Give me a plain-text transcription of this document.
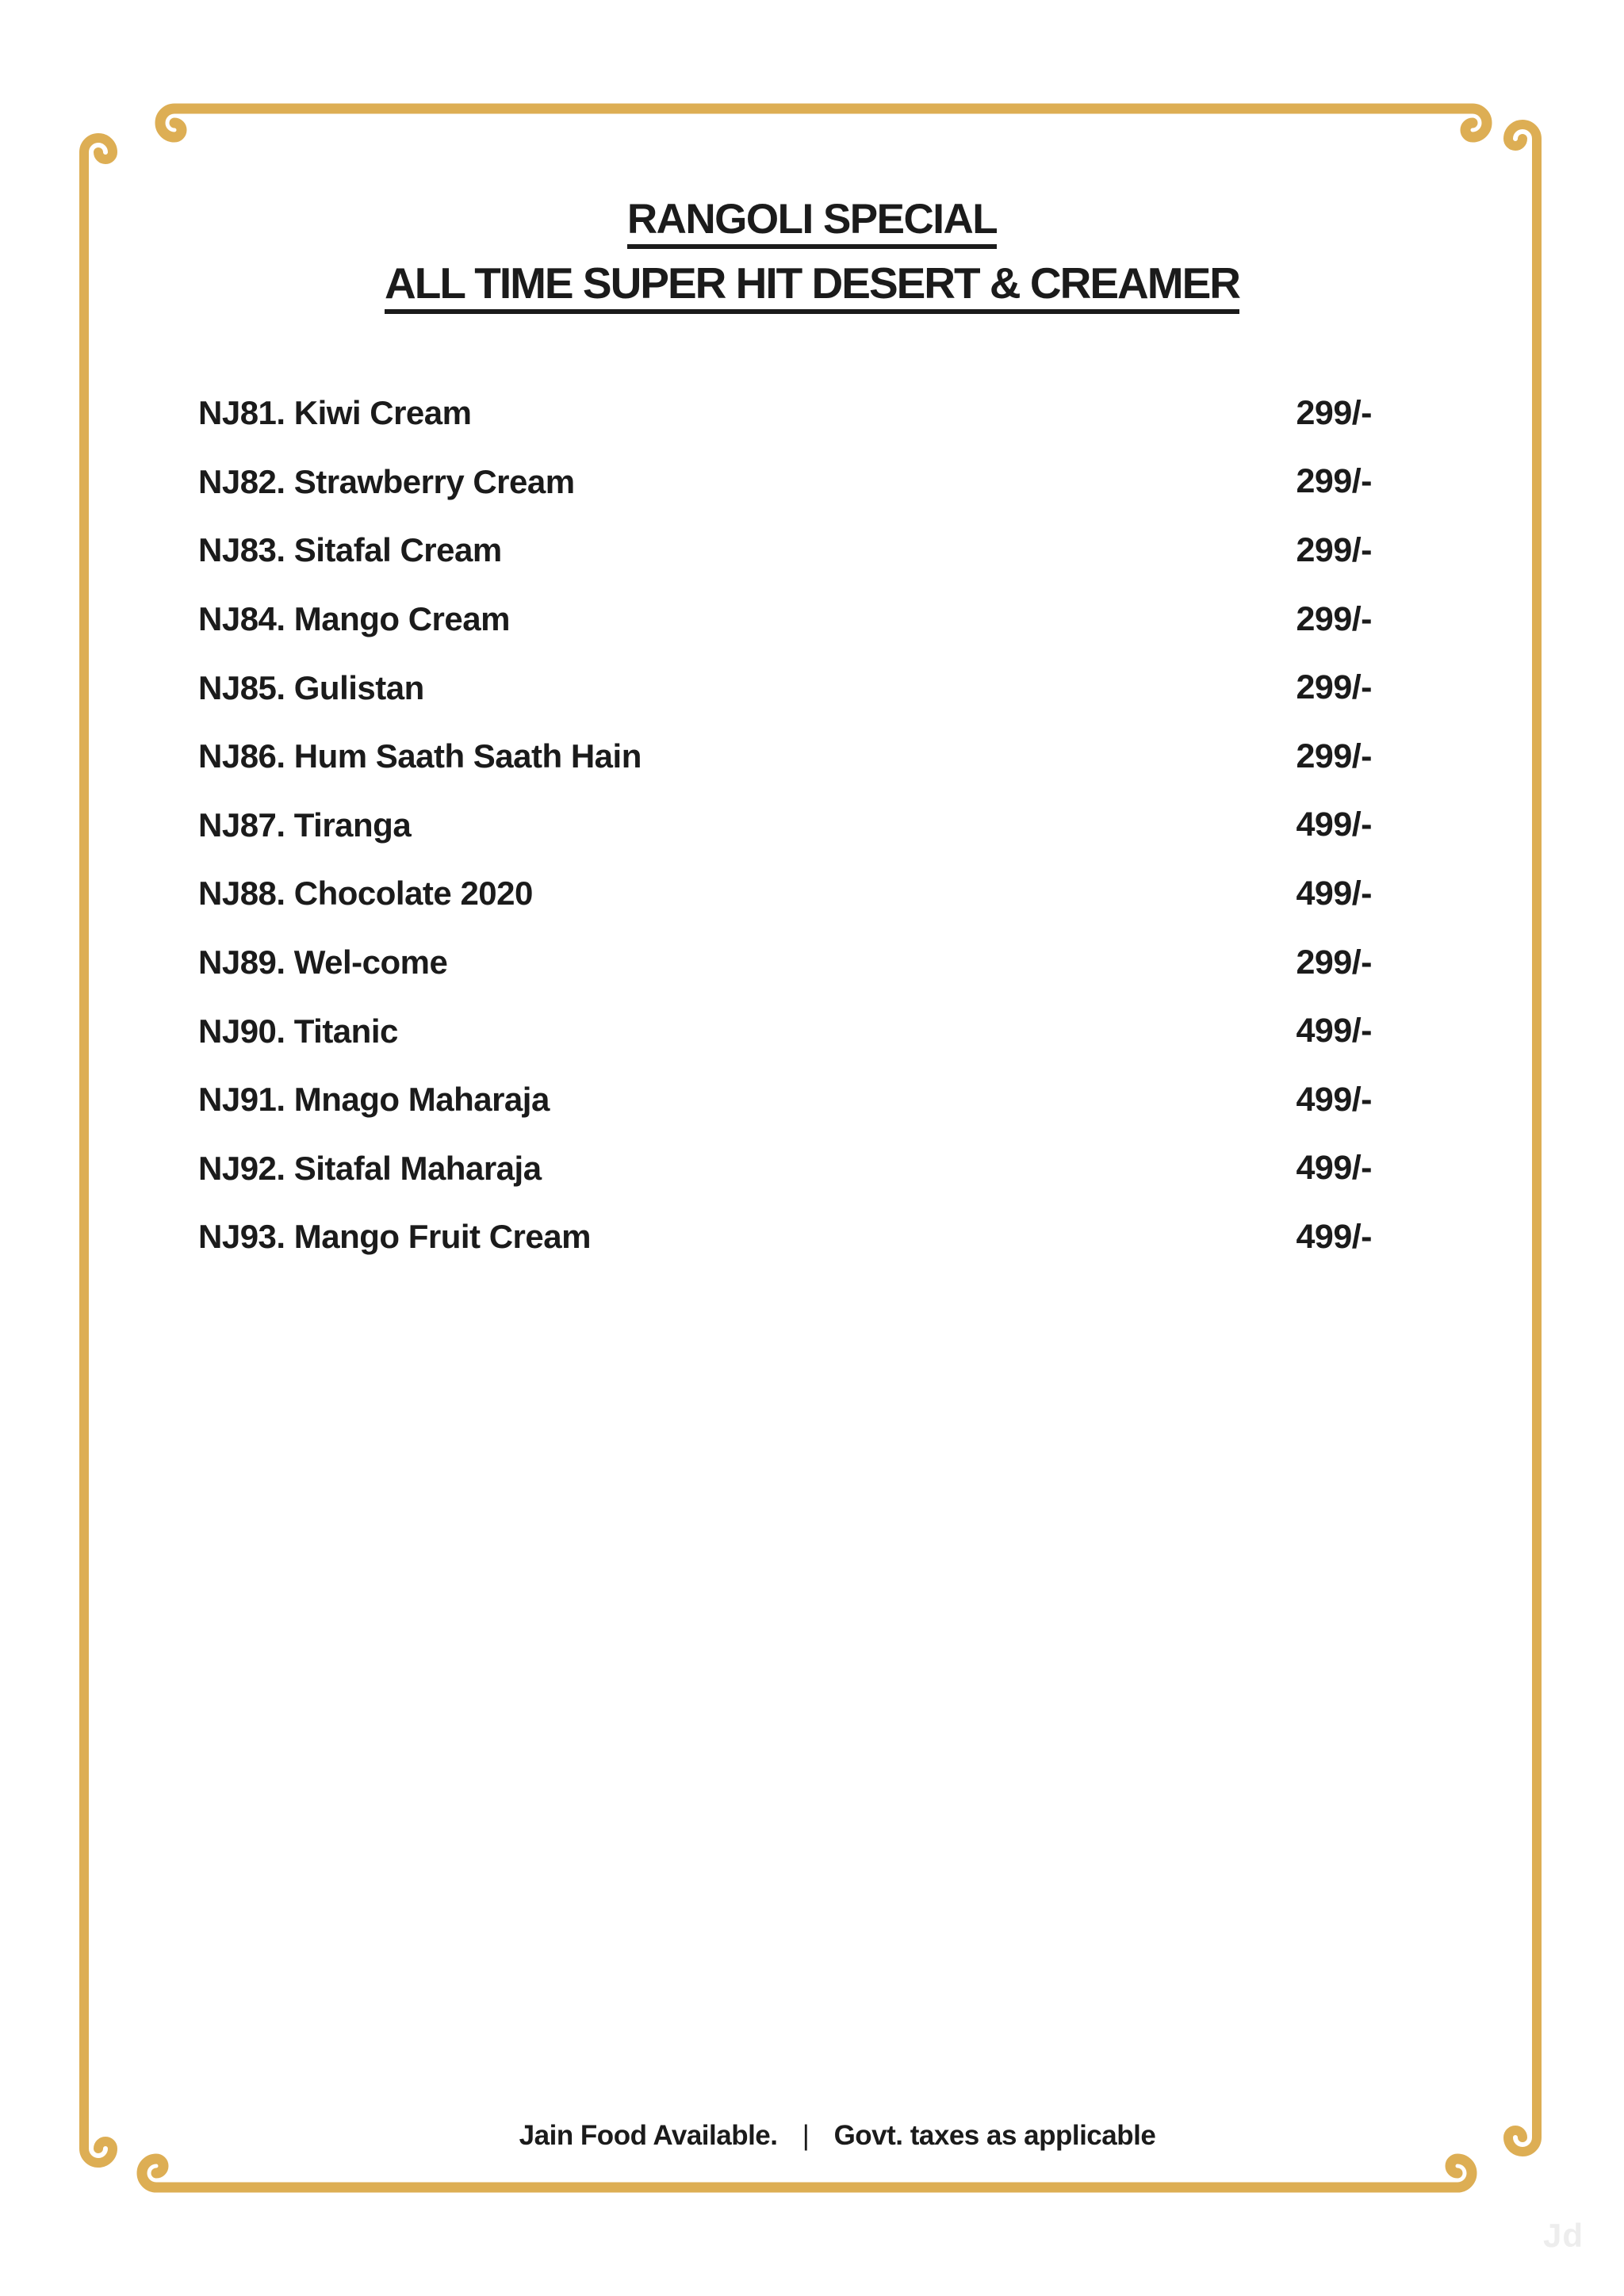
RANGOLI SPECIAL
ALL TIME SUPER HIT DESERT & CREAMER
NJ81. Kiwi Cream	299/-
NJ82. Strawberry Cream	299/-
NJ83. Sitafal Cream	299/-
NJ84. Mango Cream	299/-
NJ85. Gulistan	299/-
NJ86. Hum Saath Saath Hain	299/-
NJ87. Tiranga	499/-
NJ88. Chocolate 2020	499/-
NJ89. Wel-come	299/-
NJ90. Titanic	499/-
NJ91. Mnago Maharaja	499/-
NJ92. Sitafal Maharaja	499/-
NJ93. Mango Fruit Cream	499/-
Jain Food Available. | Govt. taxes as applicable
Jd
